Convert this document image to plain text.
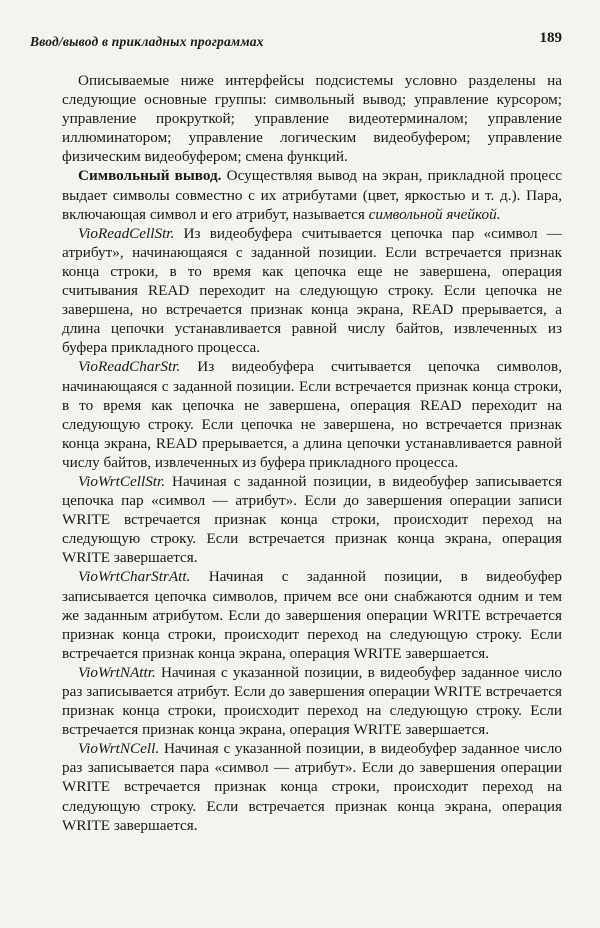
Ввод/вывод в прикладных программах	189

Описываемые ниже интерфейсы подсистемы условно разделены на следующие основные группы: символьный вывод; управление курсором; управление прокруткой; управление видеотерминалом; управление иллюминатором; управление логическим видеобуфером; управление физическим видеобуфером; смена функций.

Символьный вывод. Осуществляя вывод на экран, прикладной процесс выдает символы совместно с их атрибутами (цвет, яркостью и т. д.). Пара, включающая символ и его атрибут, называется символьной ячейкой.

VioReadCellStr. Из видеобуфера считывается цепочка пар «символ — атрибут», начинающаяся с заданной позиции. Если встречается признак конца строки, в то время как цепочка еще не завершена, операция считывания READ переходит на следующую строку. Если цепочка не завершена, но встречается признак конца экрана, READ прерывается, а длина цепочки устанавливается равной числу байтов, извлеченных из буфера прикладного процесса.

VioReadCharStr. Из видеобуфера считывается цепочка символов, начинающаяся с заданной позиции. Если встречается признак конца строки, в то время как цепочка не завершена, операция READ переходит на следующую строку. Если цепочка не завершена, но встречается признак конца экрана, READ прерывается, а длина цепочки устанавливается равной числу байтов, извлеченных из буфера прикладного процесса.

VioWrtCellStr. Начиная с заданной позиции, в видеобуфер записывается цепочка пар «символ — атрибут». Если до завершения операции записи WRITE встречается признак конца строки, происходит переход на следующую строку. Если встречается признак конца экрана, операция WRITE завершается.

VioWrtCharStrAtt. Начиная с заданной позиции, в видеобуфер записывается цепочка символов, причем все они снабжаются одним и тем же заданным атрибутом. Если до завершения операции WRITE встречается признак конца строки, происходит переход на следующую строку. Если встречается признак конца экрана, операция WRITE завершается.

VioWrtNAttr. Начиная с указанной позиции, в видеобуфер заданное число раз записывается атрибут. Если до завершения операции WRITE встречается признак конца строки, происходит переход на следующую строку. Если встречается признак конца экрана, операция WRITE завершается.

VioWrtNCell. Начиная с указанной позиции, в видеобуфер заданное число раз записывается пара «символ — атрибут». Если до завершения операции WRITE встречается признак конца строки, происходит переход на следующую строку. Если встречается признак конца экрана, операция WRITE завершается.
